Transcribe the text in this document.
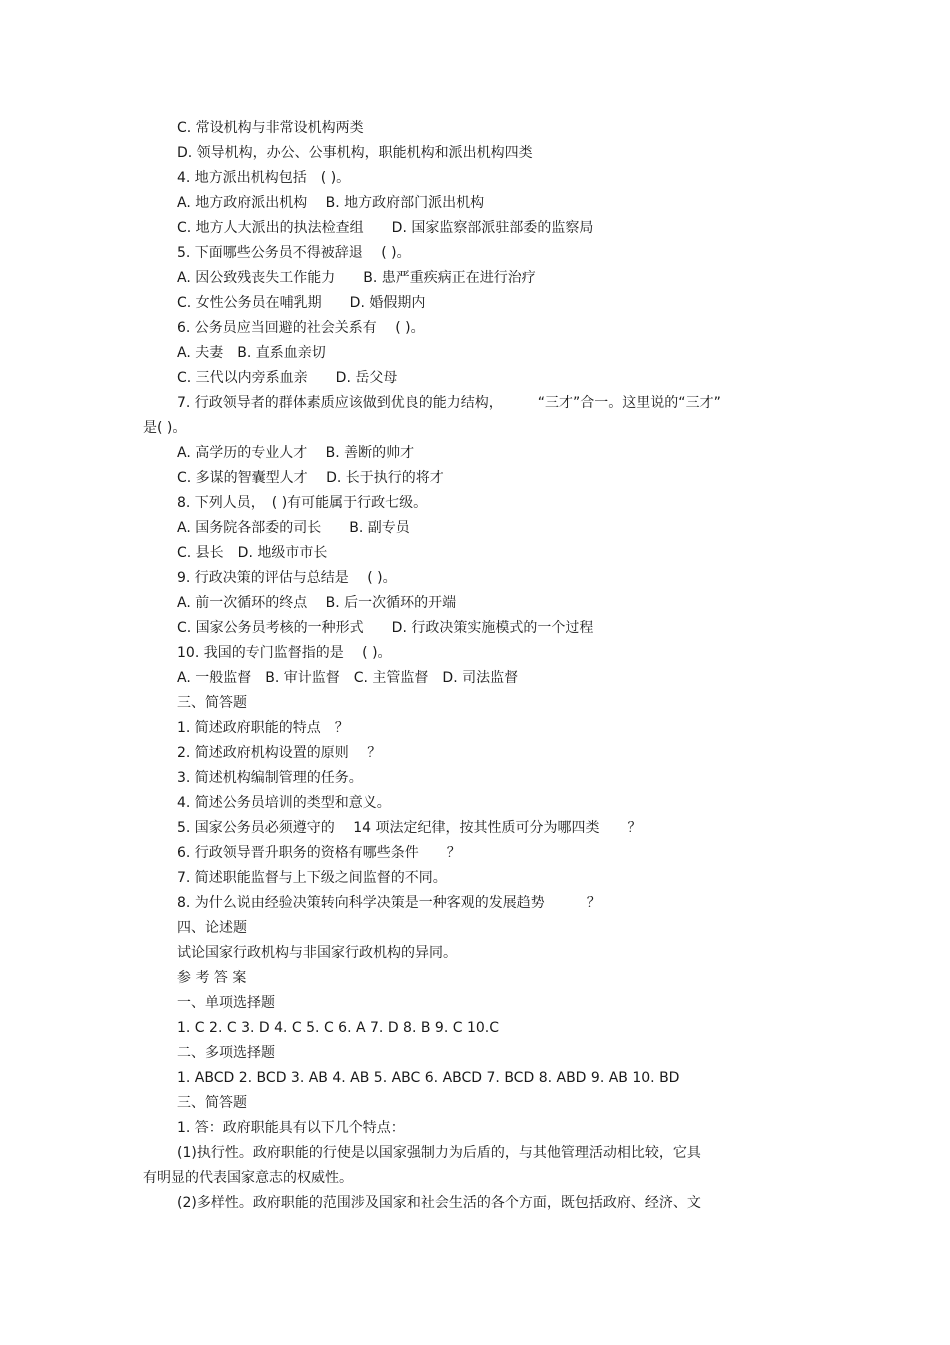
C. 常设机构与非常设机构两类
D. 领导机构，办公、公事机构，职能机构和派出机构四类
4. 地方派出机构包括　( )。
A. 地方政府派出机构　 B. 地方政府部门派出机构
C. 地方人大派出的执法检查组　　D. 国家监察部派驻部委的监察局
5. 下面哪些公务员不得被辞退　 ( )。
A. 因公致残丧失工作能力　　B. 患严重疾病正在进行治疗
C. 女性公务员在哺乳期　　D. 婚假期内
6. 公务员应当回避的社会关系有　 ( )。
A. 夫妻　B. 直系血亲切
C. 三代以内旁系血亲　　D. 岳父母
7. 行政领导者的群体素质应该做到优良的能力结构，　　　“三才”合一。这里说的“三才”
是( )。
A. 高学历的专业人才　 B. 善断的帅才
C. 多谋的智囊型人才　 D. 长于执行的将才
8. 下列人员，　( )有可能属于行政七级。
A. 国务院各部委的司长　　B. 副专员
C. 县长　D. 地级市市长
9. 行政决策的评估与总结是　 ( )。
A. 前一次循环的终点　 B. 后一次循环的开端
C. 国家公务员考核的一种形式　　D. 行政决策实施模式的一个过程
10. 我国的专门监督指的是　 ( )。
A. 一般监督　B. 审计监督　C. 主管监督　D. 司法监督
三、简答题
1. 简述政府职能的特点　？
2. 简述政府机构设置的原则　 ？
3. 简述机构编制管理的任务。
4. 简述公务员培训的类型和意义。
5. 国家公务员必须遵守的　 14 项法定纪律，按其性质可分为哪四类　　？
6. 行政领导晋升职务的资格有哪些条件　　？
7. 简述职能监督与上下级之间监督的不同。
8. 为什么说由经验决策转向科学决策是一种客观的发展趋势　　　？
四、论述题
试论国家行政机构与非国家行政机构的异同。
参 考 答 案
一、单项选择题
1. C 2. C 3. D 4. C 5. C 6. A 7. D 8. B 9. C 10.C
二、多项选择题
1. ABCD 2. BCD 3. AB 4. AB 5. ABC 6. ABCD 7. BCD 8. ABD 9. AB 10. BD
三、简答题
1. 答：政府职能具有以下几个特点：
(1)执行性。政府职能的行使是以国家强制力为后盾的，与其他管理活动相比较，它具
有明显的代表国家意志的权威性。
(2)多样性。政府职能的范围涉及国家和社会生活的各个方面，既包括政府、经济、文
